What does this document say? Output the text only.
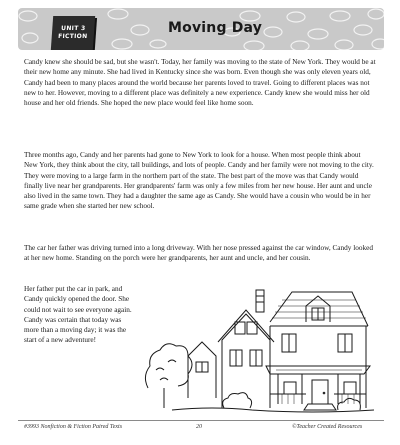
UNIT 3
FICTION
Moving Day

Candy knew she should be sad, but she wasn't. Today, her family was moving to the state of New York. They would be at their new home any minute. She had lived in Kentucky since she was born. Even though she was only eleven years old, Candy had been to many places around the world because her parents loved to travel. Going to different places was not new to her. However, moving to a different place was definitely a new experience. Candy knew she would miss her old house and her old friends. She hoped the new place would feel like home soon.

Three months ago, Candy and her parents had gone to New York to look for a house. When most people think about New York, they think about the city, tall buildings, and lots of people. Candy and her family were not moving to the city. They were moving to a large farm in the northern part of the state. The best part of the move was that Candy would finally live near her grandparents. Her grandparents' farm was only a few miles from her new house. Her aunt and uncle also lived in the same town. They had a daughter the same age as Candy. She would have a cousin who would be in her same grade when she started her new school.

The car her father was driving turned into a long driveway. With her nose pressed against the car window, Candy looked at her new home. Standing on the porch were her grandparents, her aunt and uncle, and her cousin.

Her father put the car in park, and Candy quickly opened the door. She could not wait to see everyone again. Candy was certain that today was more than a moving day; it was the start of a new adventure!

#3993 Nonfiction & Fiction Paired Texts	20	©Teacher Created Resources
